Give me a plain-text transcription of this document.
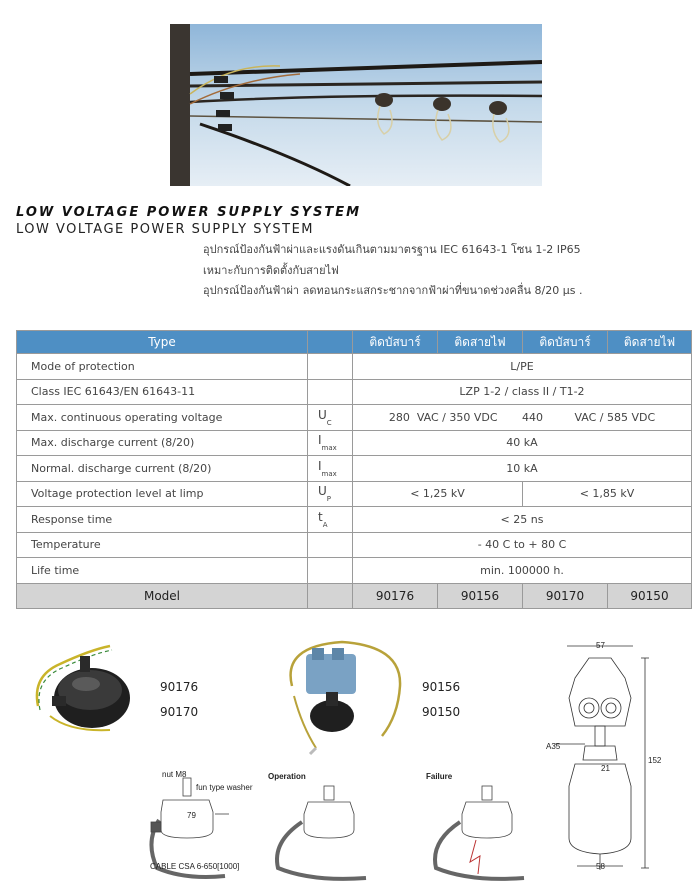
LOW VOLTAGE POWER SUPPLY SYSTEM
LOW VOLTAGE POWER SUPPLY SYSTEM
อุปกรณ์ป้องกันฟ้าผ่าและแรงดันเกินตามมาตรฐาน IEC 61643-1 โซน 1-2 IP65
เหมาะกับการติดตั้งกับสายไฟ
อุปกรณ์ป้องกันฟ้าผ่า ลดทอนกระแสกระชากจากฟ้าผ่าที่ขนาดช่วงคลื่น 8/20 µs .
Type		ติดบัสบาร์	ติดสายไฟ	ติดบัสบาร์	ติดสายไฟ
Mode of protection		L/PE			
Class IEC 61643/EN 61643-11		LZP 1-2 / class II / T1-2			
Max. continuous operating voltage	$U_C$	280  VAC / 350 VDC       440         VAC / 585 VDC			
Max. discharge current (8/20)	$I_{max}$	40 kA			
Normal. discharge current (8/20)	$I_{max}$	10 kA			
Voltage protection level at limp	$U_P$	< 1,25 kV		< 1,85 kV	
Response time	$t_A$	< 25 ns			
Temperature		- 40 C to + 80 C			
Life time		min. 100000 h.			
Model		90176	90156	90170	90150
90176
90170
90156
90150
57
152
A35
21
58
nut M8
fun type washer
79
CABLE CSA 6-650[1000]
Operation	Failure
